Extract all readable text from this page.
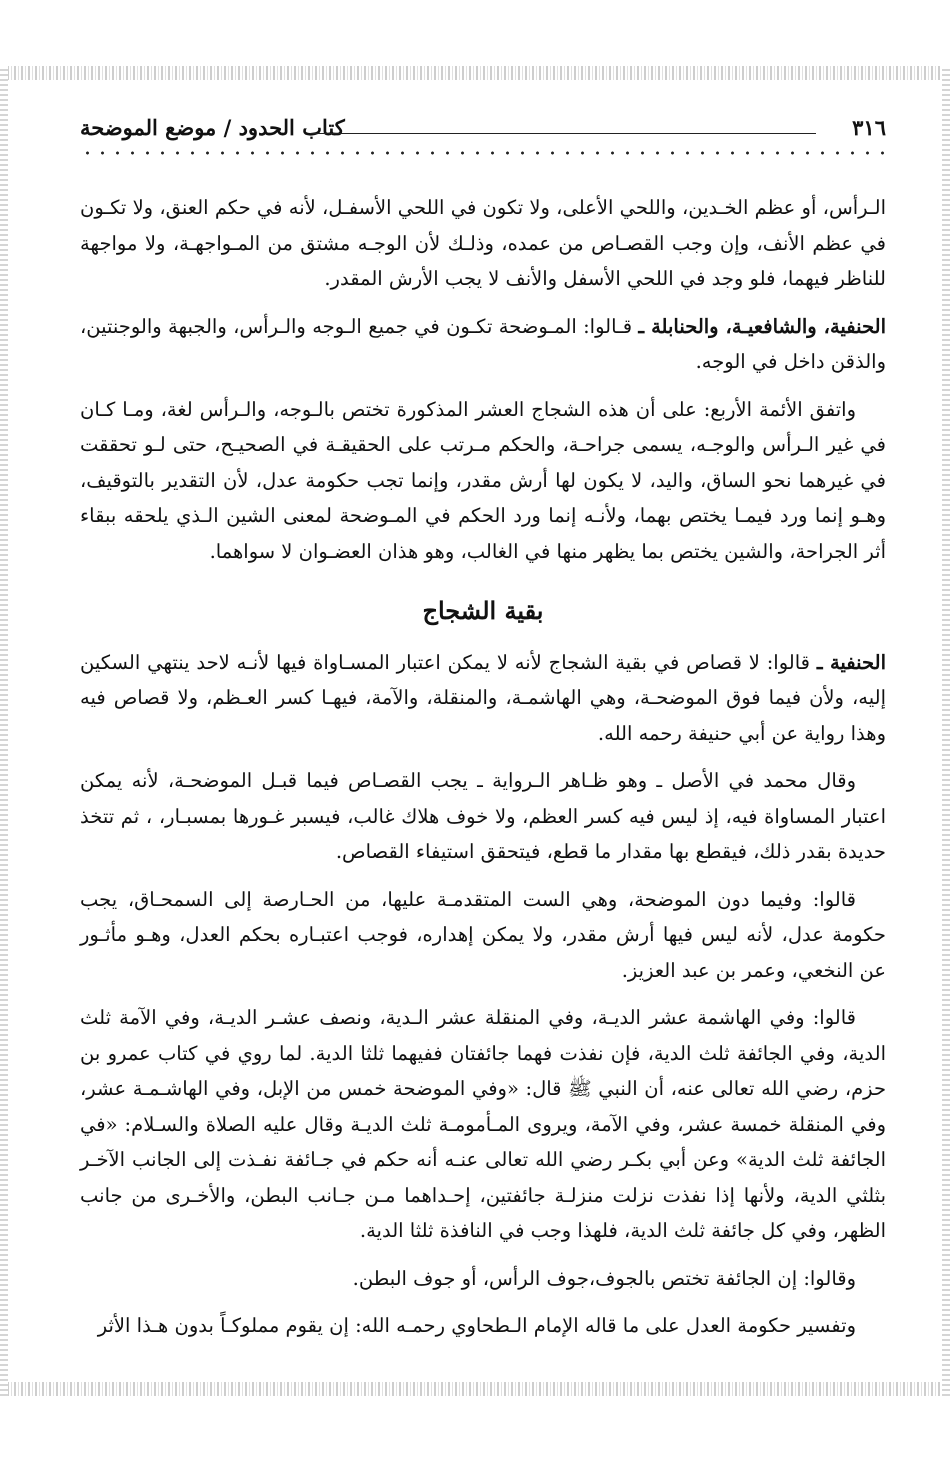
٣١٦
كتاب الحدود / موضع الموضحة

الـرأس، أو عظم الخـدين، واللحي الأعلى، ولا تكون في اللحي الأسفـل، لأنه في حكم العنق، ولا تكـون في عظم الأنف، وإن وجب القصـاص من عمده، وذلـك لأن الوجـه مشتق من المـواجهـة، ولا مواجهة للناظر فيهما، فلو وجد في اللحي الأسفل والأنف لا يجب الأرش المقدر.

الحنفية، والشافعيـة، والحنابلة ـ قـالوا: المـوضحة تكـون في جميع الـوجه والـرأس، والجبهة والوجنتين، والذقن داخل في الوجه.

واتفق الأئمة الأربع: على أن هذه الشجاج العشر المذكورة تختص بالـوجه، والـرأس لغة، ومـا كـان في غير الـرأس والوجـه، يسمى جراحـة، والحكم مـرتب على الحقيقـة في الصحيـح، حتى لـو تحققت في غيرهما نحو الساق، واليد، لا يكون لها أرش مقدر، وإنما تجب حكومة عدل، لأن التقدير بالتوقيف، وهـو إنما ورد فيمـا يختص بهما، ولأنـه إنما ورد الحكم في المـوضحة لمعنى الشين الـذي يلحقه ببقاء أثر الجراحة، والشين يختص بما يظهر منها في الغالب، وهو هذان العضـوان لا سواهما.

بقية الشجاج

الحنفية ـ قالوا: لا قصاص في بقية الشجاج لأنه لا يمكن اعتبار المسـاواة فيها لأنـه لاحد ينتهي السكين إليه، ولأن فيما فوق الموضحـة، وهي الهاشمـة، والمنقلة، والآمة، فيهـا كسر العـظم، ولا قصاص فيه وهذا رواية عن أبي حنيفة رحمه الله.

وقال محمد في الأصل ـ وهو ظـاهر الـرواية ـ يجب القصـاص فيما قبـل الموضحـة، لأنه يمكن اعتبار المساواة فيه، إذ ليس فيه كسر العظم، ولا خوف هلاك غالب، فيسبر غـورها بمسبـار، ، ثم تتخذ حديدة بقدر ذلك، فيقطع بها مقدار ما قطع، فيتحقق استيفاء القصاص.

قالوا: وفيما دون الموضحة، وهي الست المتقدمـة عليها، من الحـارصة إلى السمحـاق، يجب حكومة عدل، لأنه ليس فيها أرش مقدر، ولا يمكن إهداره، فوجب اعتبـاره بحكم العدل، وهـو مأثـور عن النخعي، وعمر بن عبد العزيز.

قالوا: وفي الهاشمة عشر الديـة، وفي المنقلة عشر الـدية، ونصف عشـر الديـة، وفي الآمة ثلث الدية، وفي الجائفة ثلث الدية، فإن نفذت فهما جائفتان ففيهما ثلثا الدية. لما روي في كتاب عمرو بن حزم، رضي الله تعالى عنه، أن النبي ﷺ قال: «وفي الموضحة خمس من الإبل، وفي الهاشـمـة عشر، وفي المنقلة خمسة عشر، وفي الآمة، ويروى المـأمومـة ثلث الديـة وقال عليه الصلاة والسـلام: «في الجائفة ثلث الدية» وعن أبي بكـر رضي الله تعالى عنـه أنه حكم في جـائفة نفـذت إلى الجانب الآخـر بثلثي الدية، ولأنها إذا نفذت نزلت منزلـة جائفتين، إحـداهما مـن جـانب البطن، والأخـرى من جانب الظهر، وفي كل جائفة ثلث الدية، فلهذا وجب في النافذة ثلثا الدية.

وقالوا: إن الجائفة تختص بالجوف،جوف الرأس، أو جوف البطن.

وتفسير حكومة العدل على ما قاله الإمام الـطحاوي رحمـه الله: إن يقوم مملوكـاً بدون هـذا الأثر
